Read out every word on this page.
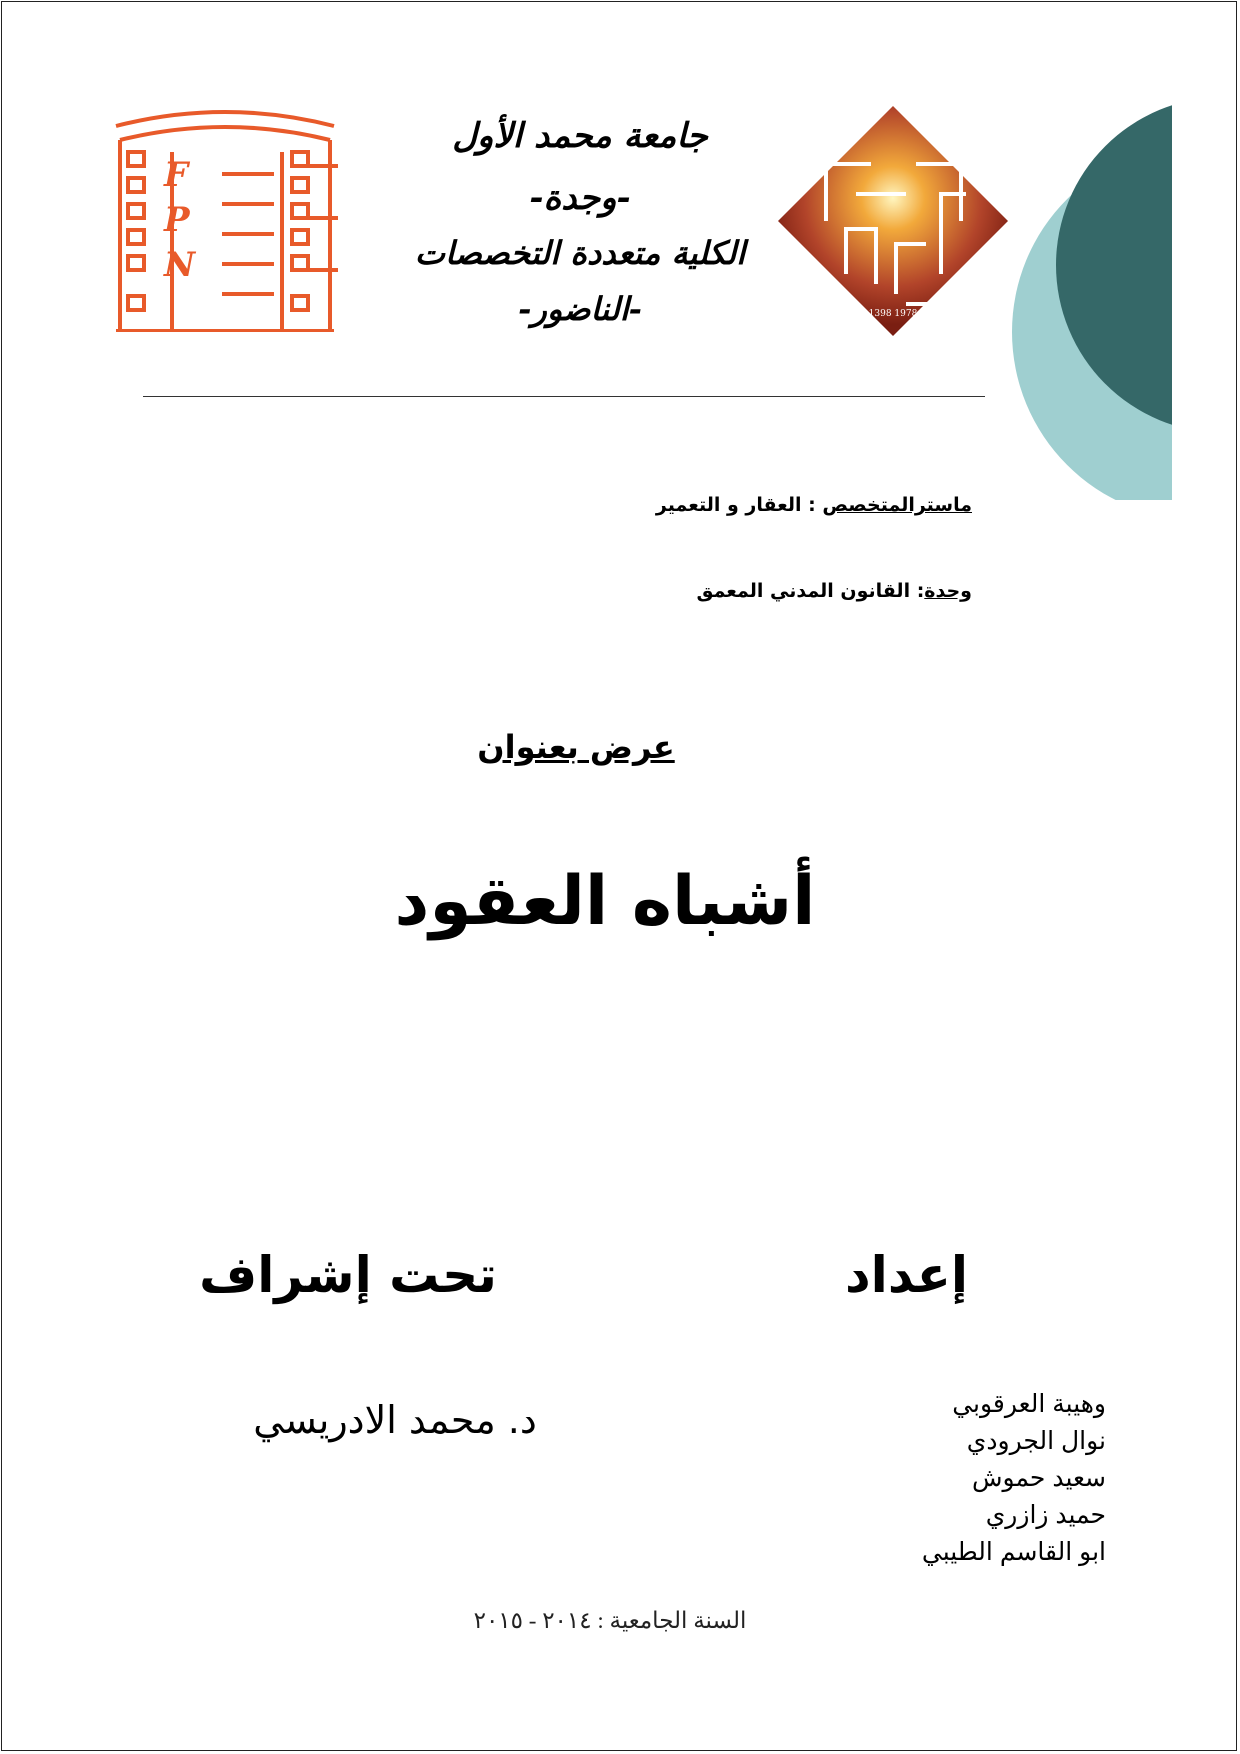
F
P
N
جامعة محمد الأول
-وجدة-
الكلية متعددة التخصصات
-الناضور-	1398 1978
ماسترالمتخصص : العقار و التعمير
وحدة: القانون المدني المعمق
عرض بعنوان
أشباه العقود
إعداد
تحت إشراف
د. محمد الادريسي	وهيبة العرقوبي
نوال الجرودي
سعيد حموش
حميد زازري
ابو القاسم الطيبي
السنة الجامعية : ٢٠١٤ - ٢٠١٥
